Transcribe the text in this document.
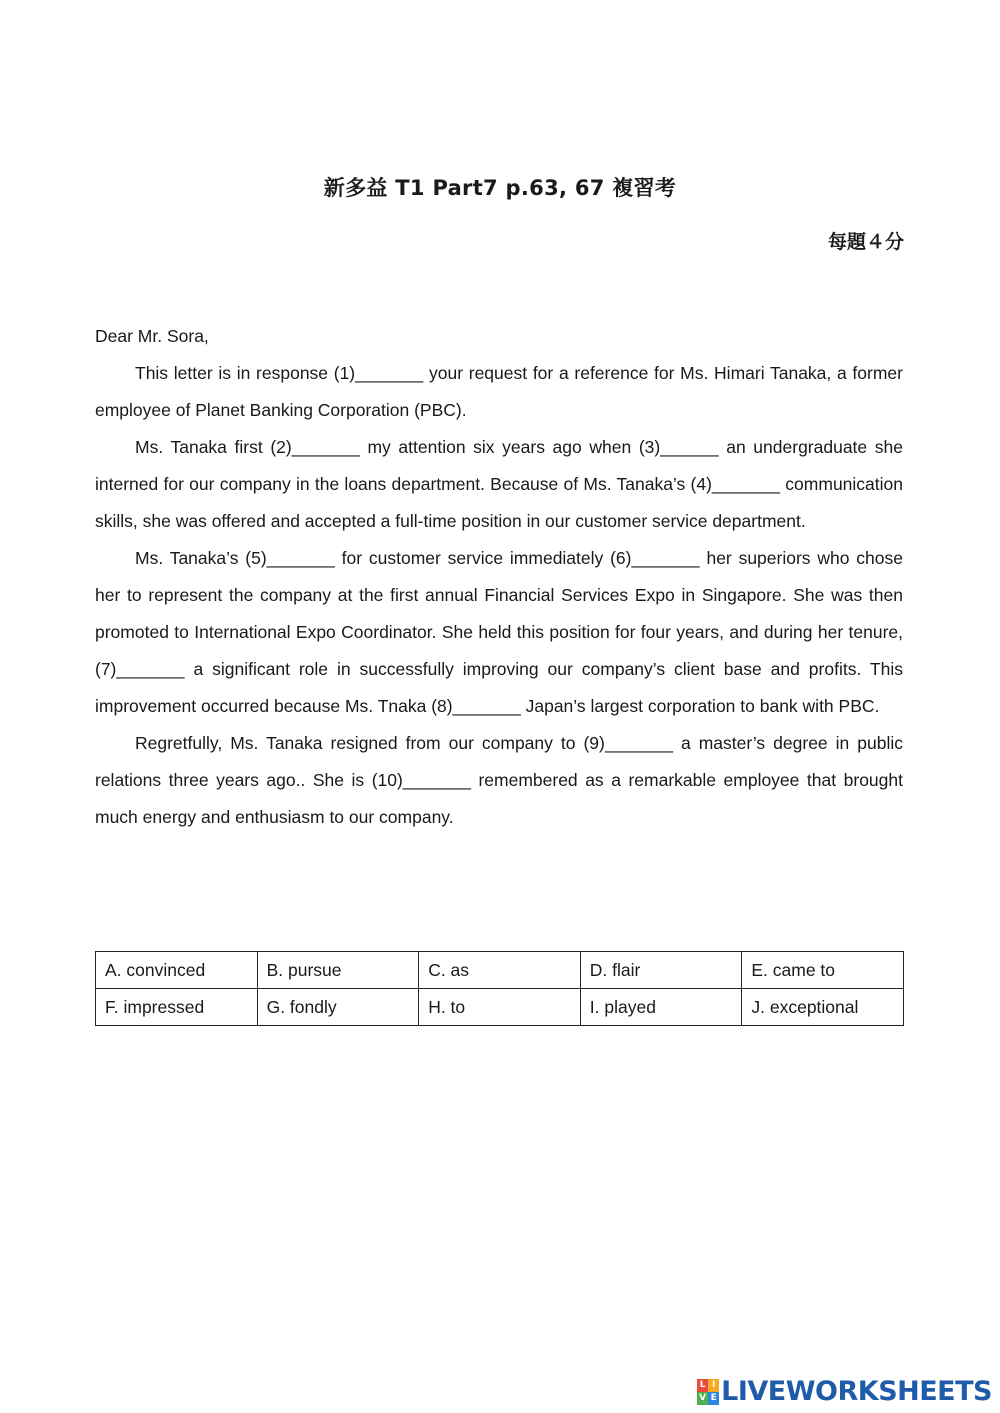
新多益 T1 Part7 p.63, 67 複習考
每題４分

Dear Mr. Sora,

This letter is in response (1)_______ your request for a reference for Ms. Himari Tanaka, a former employee of Planet Banking Corporation (PBC).

Ms. Tanaka first (2)_______ my attention six years ago when (3)______ an undergraduate she interned for our company in the loans department. Because of Ms. Tanaka’s (4)_______ communication skills, she was offered and accepted a full-time position in our customer service department.

Ms. Tanaka’s (5)_______ for customer service immediately (6)_______ her superiors who chose her to represent the company at the first annual Financial Services Expo in Singapore. She was then promoted to International Expo Coordinator. She held this position for four years, and during her tenure, (7)_______ a significant role in successfully improving our company’s client base and profits. This improvement occurred because Ms. Tnaka (8)_______ Japan’s largest corporation to bank with PBC.

Regretfully, Ms. Tanaka resigned from our company to (9)_______ a master’s degree in public relations three years ago.. She is (10)_______ remembered as a remarkable employee that brought much energy and enthusiasm to our company.

A. convinced	B. pursue	C. as	D. flair	E. came to
F. impressed	G. fondly	H. to	I. played	J. exceptional
L I
V E LIVEWORKSHEETS
